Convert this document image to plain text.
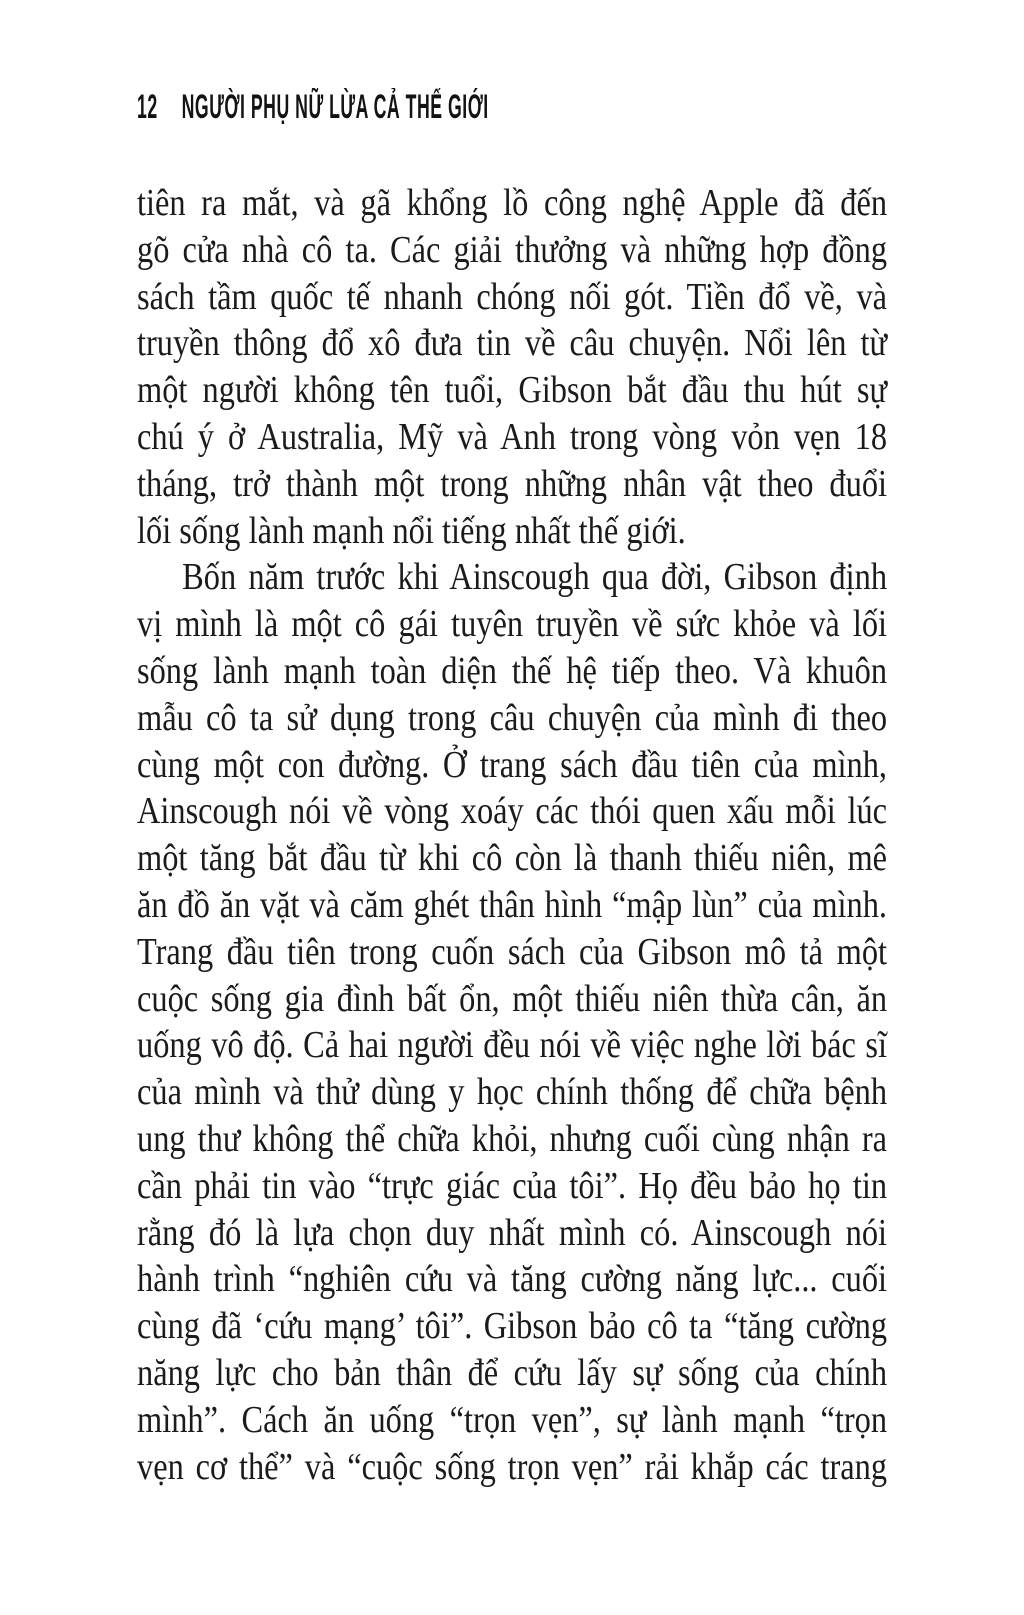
12 NGƯỜI PHỤ NỮ LỪA CẢ THẾ GIỚI

tiên ra mắt, và gã khổng lồ công nghệ Apple đã đến
gõ cửa nhà cô ta. Các giải thưởng và những hợp đồng
sách tầm quốc tế nhanh chóng nối gót. Tiền đổ về, và
truyền thông đổ xô đưa tin về câu chuyện. Nổi lên từ
một người không tên tuổi, Gibson bắt đầu thu hút sự
chú ý ở Australia, Mỹ và Anh trong vòng vỏn vẹn 18
tháng, trở thành một trong những nhân vật theo đuổi
lối sống lành mạnh nổi tiếng nhất thế giới.

Bốn năm trước khi Ainscough qua đời, Gibson định
vị mình là một cô gái tuyên truyền về sức khỏe và lối
sống lành mạnh toàn diện thế hệ tiếp theo. Và khuôn
mẫu cô ta sử dụng trong câu chuyện của mình đi theo
cùng một con đường. Ở trang sách đầu tiên của mình,
Ainscough nói về vòng xoáy các thói quen xấu mỗi lúc
một tăng bắt đầu từ khi cô còn là thanh thiếu niên, mê
ăn đồ ăn vặt và căm ghét thân hình “mập lùn” của mình.
Trang đầu tiên trong cuốn sách của Gibson mô tả một
cuộc sống gia đình bất ổn, một thiếu niên thừa cân, ăn
uống vô độ. Cả hai người đều nói về việc nghe lời bác sĩ
của mình và thử dùng y học chính thống để chữa bệnh
ung thư không thể chữa khỏi, nhưng cuối cùng nhận ra
cần phải tin vào “trực giác của tôi”. Họ đều bảo họ tin
rằng đó là lựa chọn duy nhất mình có. Ainscough nói
hành trình “nghiên cứu và tăng cường năng lực... cuối
cùng đã ‘cứu mạng’ tôi”. Gibson bảo cô ta “tăng cường
năng lực cho bản thân để cứu lấy sự sống của chính
mình”. Cách ăn uống “trọn vẹn”, sự lành mạnh “trọn
vẹn cơ thể” và “cuộc sống trọn vẹn” rải khắp các trang
